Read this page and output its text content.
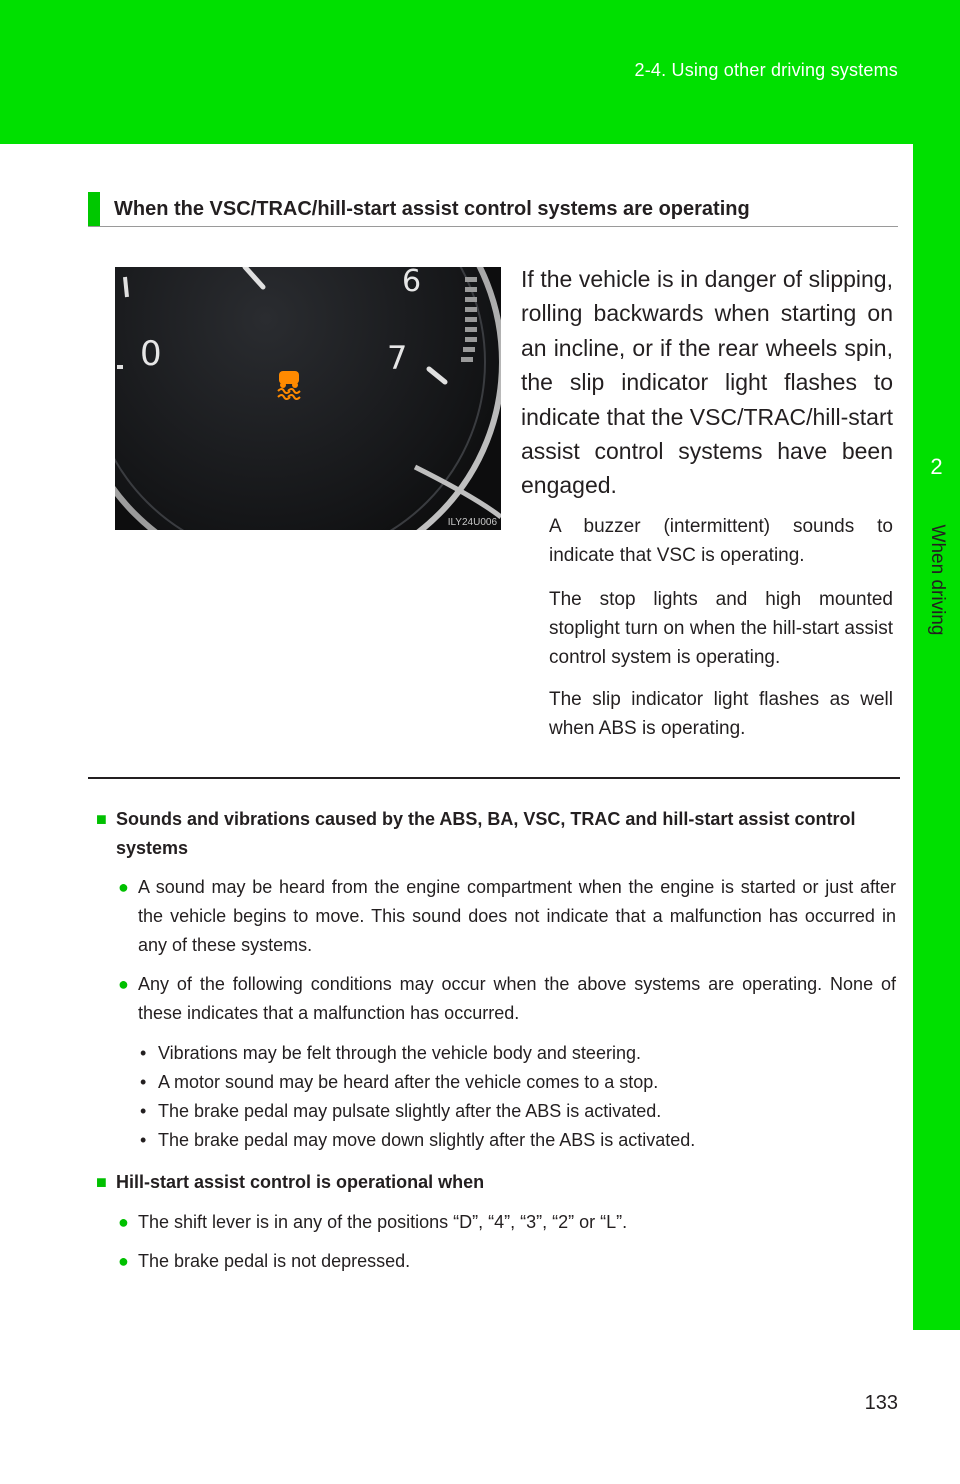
2-4. Using other driving systems
2
When driving
When the VSC/TRAC/hill-start assist control systems are operating
0
6
7
ILY24U006

If the vehicle is in danger of slipping, rolling backwards when starting on an incline, or if the rear wheels spin, the slip indicator light flashes to indicate that the VSC/TRAC/hill-start assist control systems have been engaged.

A buzzer (intermittent) sounds to indicate that VSC is operating.

The stop lights and high mounted stoplight turn on when the hill-start assist control system is operating.

The slip indicator light flashes as well when ABS is operating.

■ Sounds and vibrations caused by the ABS, BA, VSC, TRAC and hill-start assist control systems

● A sound may be heard from the engine compartment when the engine is started or just after the vehicle begins to move. This sound does not indicate that a malfunction has occurred in any of these systems.

● Any of the following conditions may occur when the above systems are operating. None of these indicates that a malfunction has occurred.

• Vibrations may be felt through the vehicle body and steering.

• A motor sound may be heard after the vehicle comes to a stop.

• The brake pedal may pulsate slightly after the ABS is activated.

• The brake pedal may move down slightly after the ABS is activated.

■ Hill-start assist control is operational when

● The shift lever is in any of the positions “D”, “4”, “3”, “2” or “L”.

● The brake pedal is not depressed.

133
